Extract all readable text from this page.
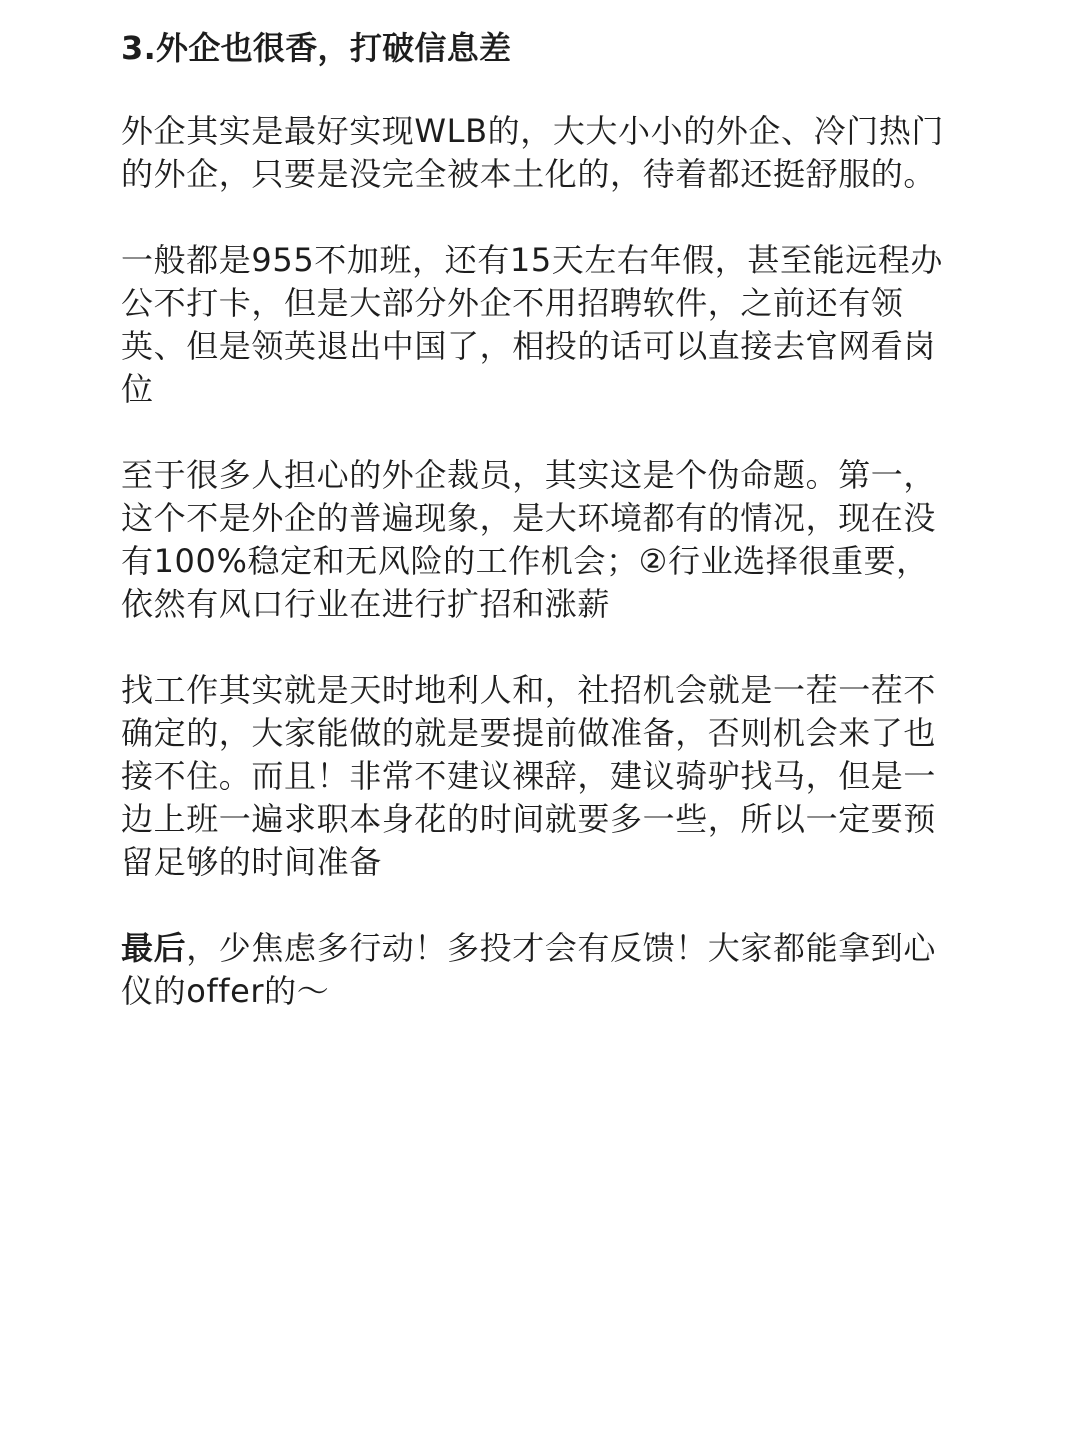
3.外企也很香，打破信息差

外企其实是最好实现WLB的，大大小小的外企、冷门热门的外企，只要是没完全被本土化的，待着都还挺舒服的。

一般都是955不加班，还有15天左右年假，甚至能远程办公不打卡，但是大部分外企不用招聘软件，之前还有领英、但是领英退出中国了，相投的话可以直接去官网看岗位

至于很多人担心的外企裁员，其实这是个伪命题。第一，这个不是外企的普遍现象，是大环境都有的情况，现在没有100%稳定和无风险的工作机会；②行业选择很重要，依然有风口行业在进行扩招和涨薪

找工作其实就是天时地利人和，社招机会就是一茬一茬不确定的，大家能做的就是要提前做准备，否则机会来了也接不住。而且！非常不建议裸辞，建议骑驴找马，但是一边上班一遍求职本身花的时间就要多一些，所以一定要预留足够的时间准备

最后，少焦虑多行动！多投才会有反馈！大家都能拿到心仪的offer的～
